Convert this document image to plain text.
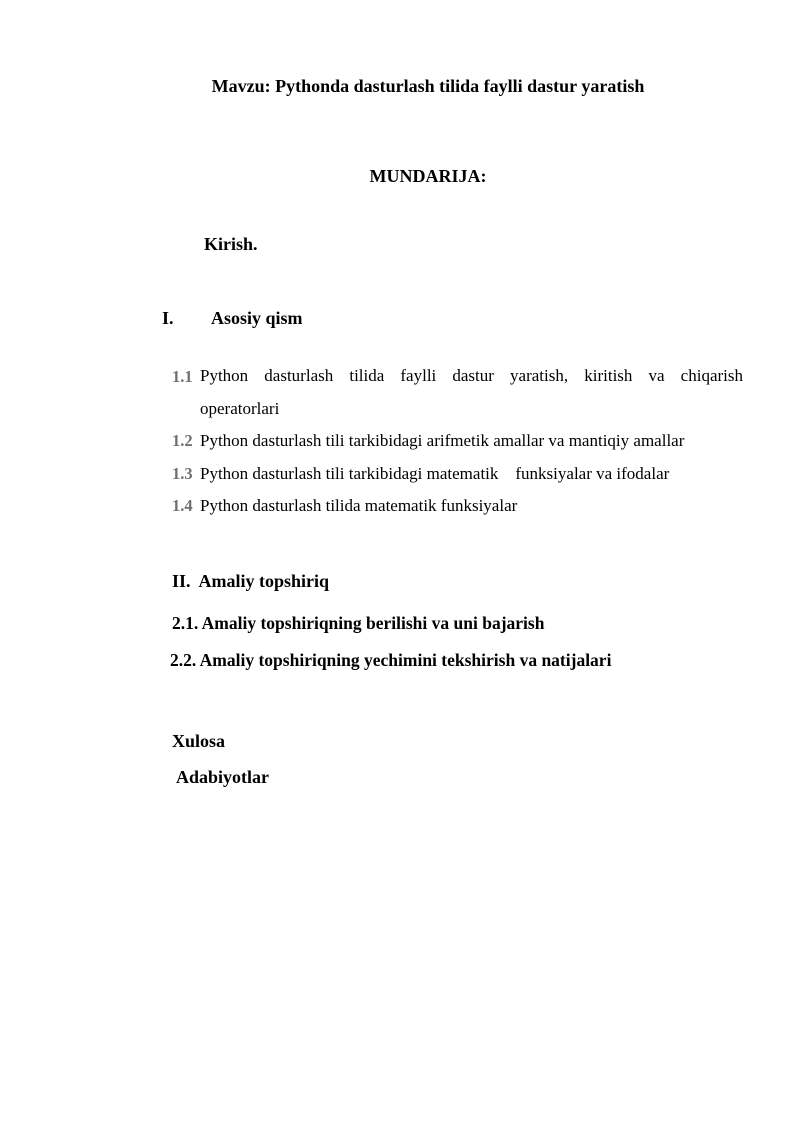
Mavzu: Pythonda dasturlash tilida faylli dastur yaratish
MUNDARIJA:
Kirish.
I. Asosiy qism
1.1 Python dasturlash tilida faylli dastur yaratish, kiritish va chiqarish
operatorlari
1.2 Python dasturlash tili tarkibidagi arifmetik amallar va mantiqiy amallar
1.3 Python dasturlash tili tarkibidagi matematik    funksiyalar va ifodalar
1.4 Python dasturlash tilida matematik funksiyalar
II.  Amaliy topshiriq
2.1. Amaliy topshiriqning berilishi va uni bajarish
2.2. Amaliy topshiriqning yechimini tekshirish va natijalari
Xulosa
Adabiyotlar
